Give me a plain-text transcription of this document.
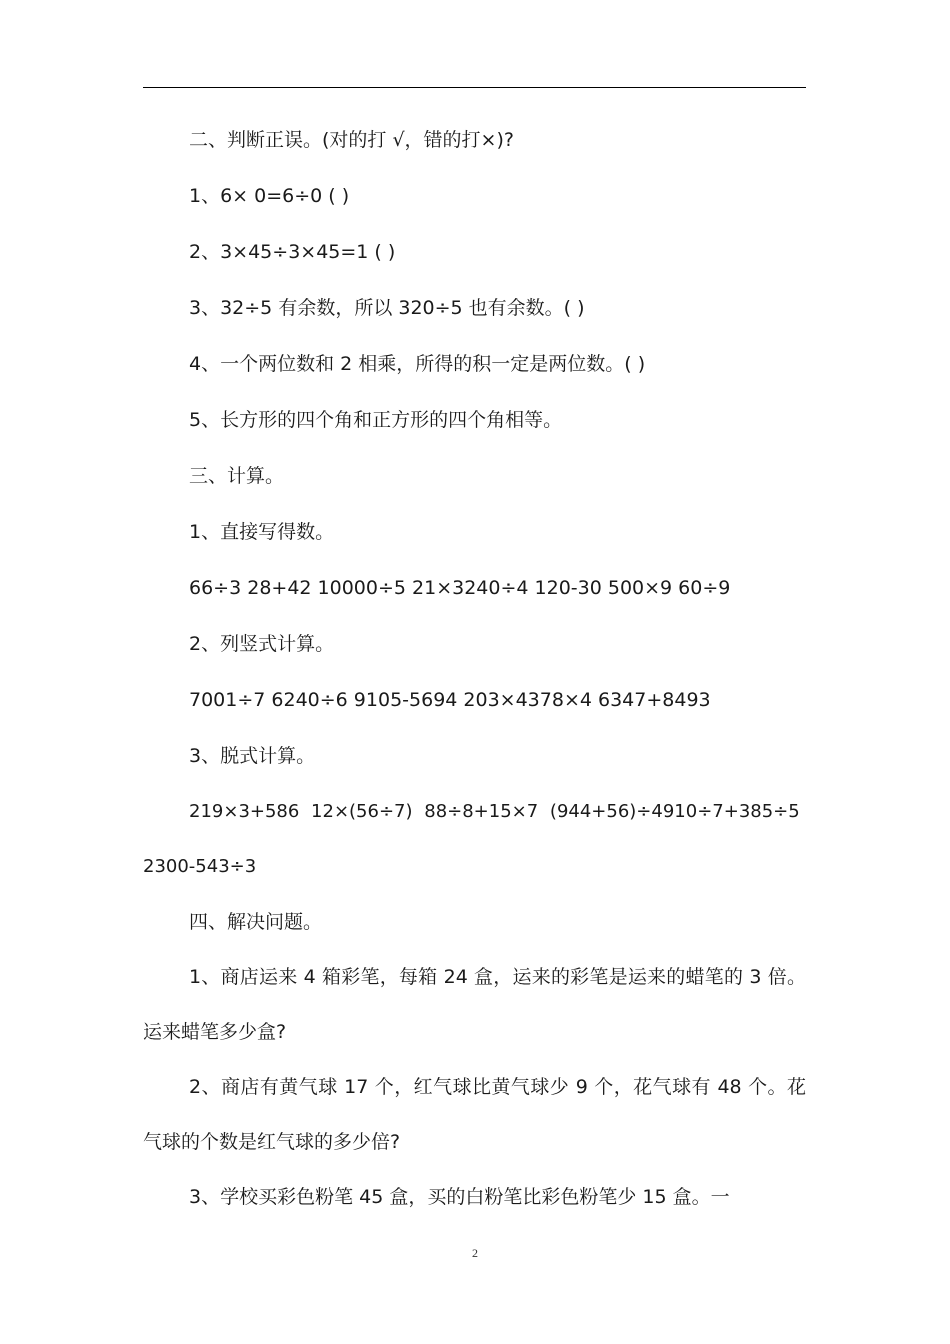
二、判断正误。(对的打 √，错的打×)?
1、6× 0=6÷0 ( )
2、3×45÷3×45=1 ( )
3、32÷5 有余数，所以 320÷5 也有余数。( )
4、一个两位数和 2 相乘，所得的积一定是两位数。( )
5、长方形的四个角和正方形的四个角相等。
三、计算。
1、直接写得数。
66÷3 28+42 10000÷5 21×3240÷4 120-30 500×9 60÷9
2、列竖式计算。
7001÷7 6240÷6 9105-5694 203×4378×4 6347+8493
3、脱式计算。

219×3+586 12×(56÷7) 88÷8+15×7 (944+56)÷4910÷7+385÷5 2300-543÷3

四、解决问题。

1、商店运来 4 箱彩笔，每箱 24 盒，运来的彩笔是运来的蜡笔的 3 倍。运来蜡笔多少盒?

2、商店有黄气球 17 个，红气球比黄气球少 9 个，花气球有 48 个。花气球的个数是红气球的多少倍?

3、学校买彩色粉笔 45 盒，买的白粉笔比彩色粉笔少 15 盒。一

2
